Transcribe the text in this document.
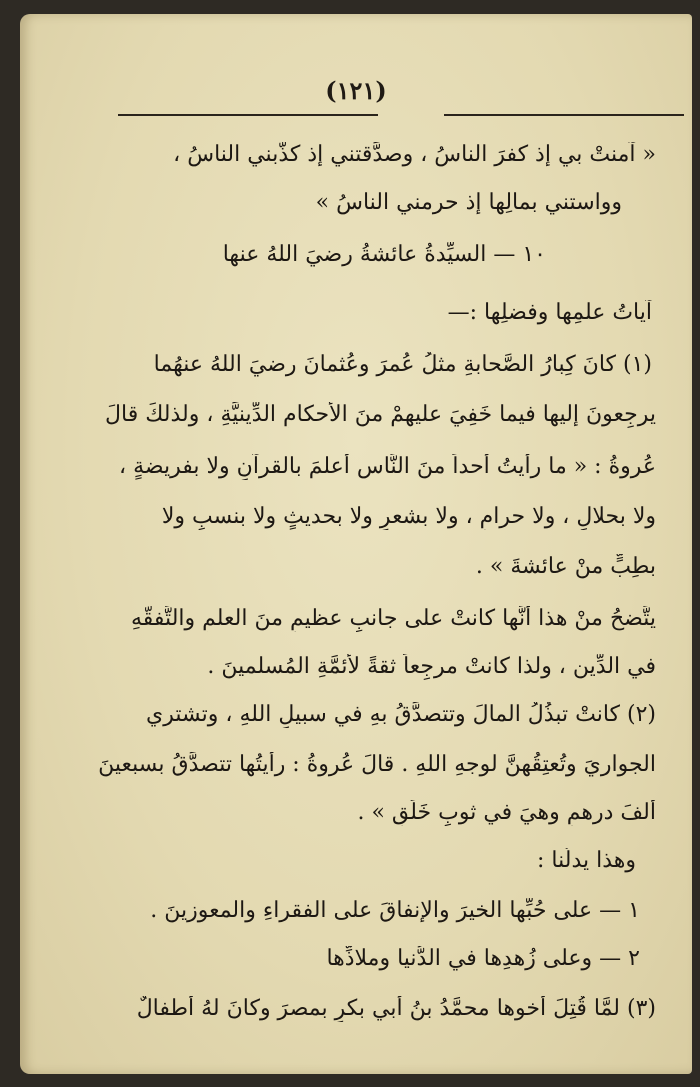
(١٢١)
« آمنتْ بي إذ كفرَ الناسُ ، وصدَّقتني إذ كذَّبني الناسُ ،
وواستني بمالِها إذ حرمني الناسُ »
١٠ — السيِّدةُ عائشةُ رضيَ اللهُ عنها
آياتُ علمِها وفضلِها :—
(١) كانَ كِبارُ الصَّحابةِ مثلُ عُمرَ وعُثمانَ رضيَ اللهُ عنهُما
يرجِعونَ إليها فيما خَفِيَ عليهمْ منَ الأحكامِ الدِّينيَّةِ ، ولذلكَ قالَ
عُروةُ : « ما رأيتُ أحداً منَ النَّاسِ أعلمَ بالقرآنِ ولا بفريضةٍ ،
ولا بحلالٍ ، ولا حرامٍ ، ولا بشعرٍ ولا بحديثٍ ولا بنسبٍ ولا
بطِبٍّ منْ عائشةَ » .
يتَّضحُ منْ هذا أنَّها كانتْ على جانبٍ عظيمٍ منَ العلمِ والتَّفقُّهِ
في الدِّينِ ، ولذا كانتْ مرجِعاً ثقةً لأئمَّةِ المُسلمينَ .
(٢) كانتْ تبذُلُ المالَ وتتصدَّقُ بهِ في سبيلِ اللهِ ، وتشتري
الجواريَ وتُعتِقُهنَّ لوجهِ اللهِ . قالَ عُروةُ : رأيتُها تتصدَّقُ بسبعينَ
ألفَ درهمٍ وهيَ في ثوبٍ خَلَقٍ » .
وهذا يدلُّنا :
١ — على حُبِّها الخيرَ والإنفاقَ على الفقراءِ والمعوزينَ .
٢ — وعلى زُهدِها في الدُّنيا وملاذِّها
(٣) لمَّا قُتِلَ أخوها محمَّدُ بنُ أبي بكرٍ بمصرَ وكانَ لهُ أطفالٌ
